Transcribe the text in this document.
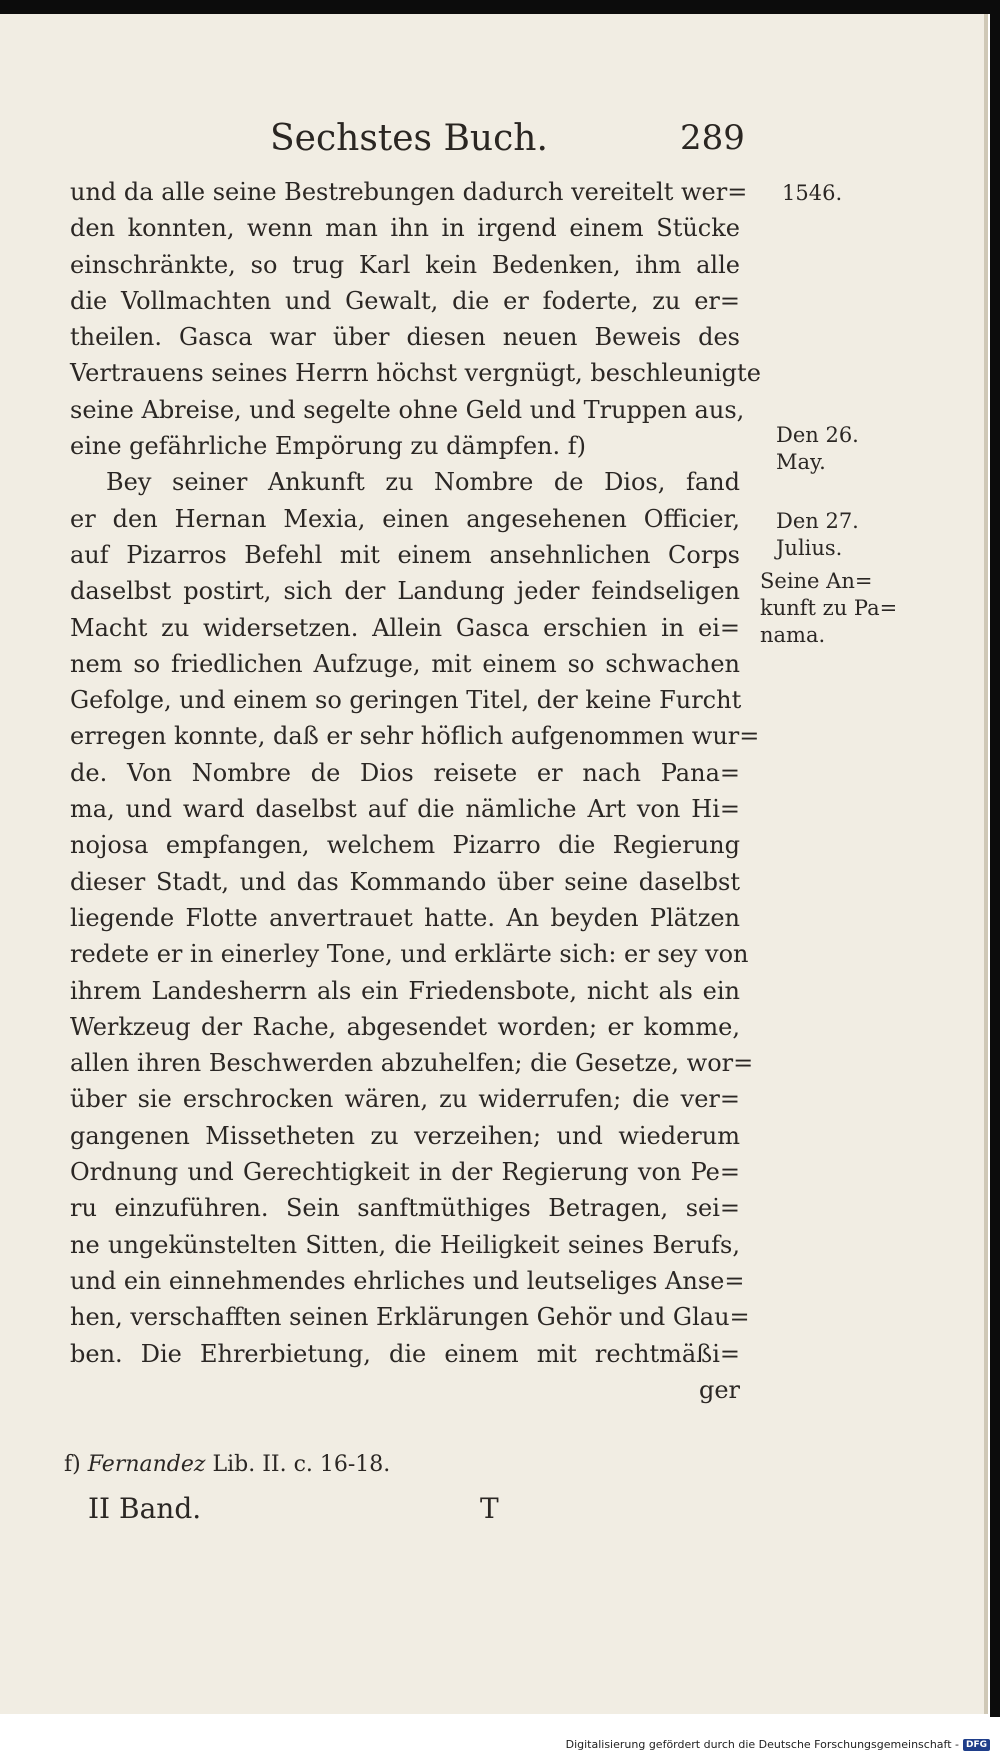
Sechstes Buch.	289
und da alle seine Bestrebungen dadurch vereitelt wer=
den konnten, wenn man ihn in irgend einem Stücke
einschränkte, so trug Karl kein Bedenken, ihm alle
die Vollmachten und Gewalt, die er foderte, zu er=
theilen. Gasca war über diesen neuen Beweis des
Vertrauens seines Herrn höchst vergnügt, beschleunigte
seine Abreise, und segelte ohne Geld und Truppen aus,
eine gefährliche Empörung zu dämpfen. f)
Bey seiner Ankunft zu Nombre de Dios, fand
er den Hernan Mexia, einen angesehenen Officier,
auf Pizarros Befehl mit einem ansehnlichen Corps
daselbst postirt, sich der Landung jeder feindseligen
Macht zu widersetzen. Allein Gasca erschien in ei=
nem so friedlichen Aufzuge, mit einem so schwachen
Gefolge, und einem so geringen Titel, der keine Furcht
erregen konnte, daß er sehr höflich aufgenommen wur=
de. Von Nombre de Dios reisete er nach Pana=
ma, und ward daselbst auf die nämliche Art von Hi=
nojosa empfangen, welchem Pizarro die Regierung
dieser Stadt, und das Kommando über seine daselbst
liegende Flotte anvertrauet hatte. An beyden Plätzen
redete er in einerley Tone, und erklärte sich: er sey von
ihrem Landesherrn als ein Friedensbote, nicht als ein
Werkzeug der Rache, abgesendet worden; er komme,
allen ihren Beschwerden abzuhelfen; die Gesetze, wor=
über sie erschrocken wären, zu widerrufen; die ver=
gangenen Missetheten zu verzeihen; und wiederum
Ordnung und Gerechtigkeit in der Regierung von Pe=
ru einzuführen. Sein sanftmüthiges Betragen, sei=
ne ungekünstelten Sitten, die Heiligkeit seines Berufs,
und ein einnehmendes ehrliches und leutseliges Anse=
hen, verschafften seinen Erklärungen Gehör und Glau=
ben. Die Ehrerbietung, die einem mit rechtmäßi=
ger
1546.
Den 26.
May.
Den 27.
Julius.
Seine An=
kunft zu Pa=
nama.
f) Fernandez Lib. II. c. 16-18.
II Band.	T
Digitalisierung gefördert durch die Deutsche Forschungsgemeinschaft - DFG
